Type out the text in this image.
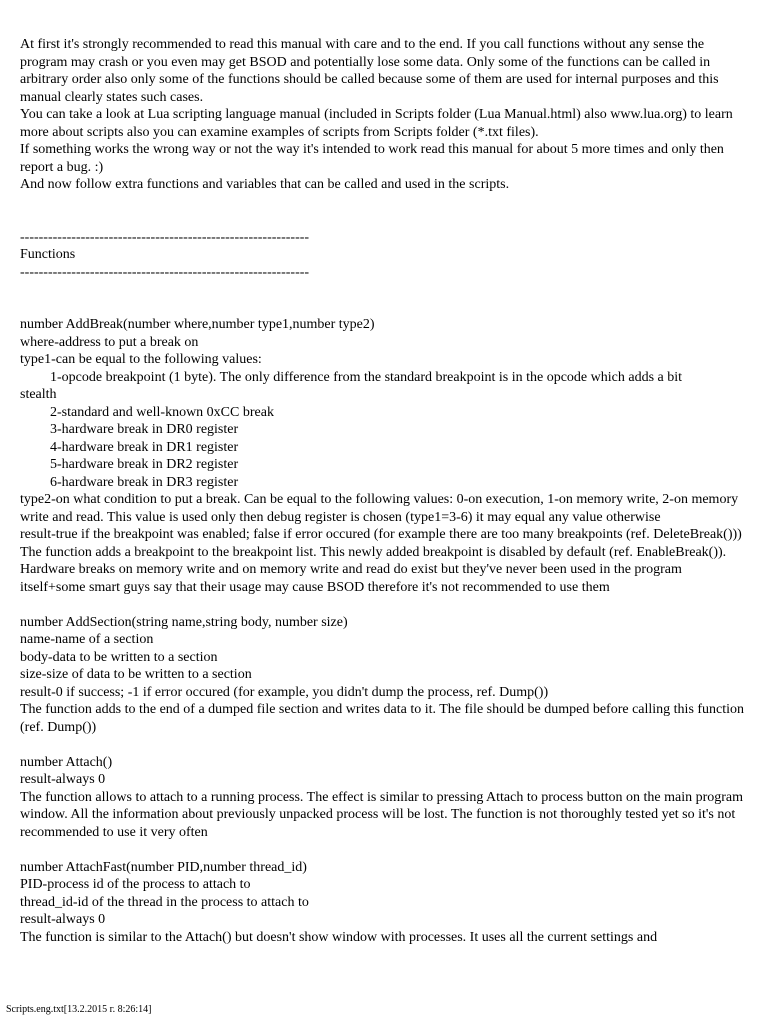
At first it's strongly recommended to read this manual with care and to the end. If you call functions without any sense the program may crash or you even may get BSOD and potentially lose some data. Only some of the functions can be called in arbitrary order also only some of the functions should be called because some of them are used for internal purposes and this manual clearly states such cases.

You can take a look at Lua scripting language manual (included in Scripts folder (Lua Manual.html) also www.lua.org) to learn more about scripts also you can examine examples of scripts from Scripts folder (*.txt files).

If something works the wrong way or not the way it's intended to work read this manual for about 5 more times and only then report a bug. :)

And now follow extra functions and variables that can be called and used in the scripts.

--------------------------------------------------------------

Functions

--------------------------------------------------------------

number AddBreak(number where,number type1,number type2)

where-address to put a break on

type1-can be equal to the following values:

1-opcode breakpoint (1 byte). The only difference from the standard breakpoint is in the opcode which adds a bit

stealth

2-standard and well-known 0xCC break

3-hardware break in DR0 register

4-hardware break in DR1 register

5-hardware break in DR2 register

6-hardware break in DR3 register

type2-on what condition to put a break. Can be equal to the following values: 0-on execution, 1-on memory write, 2-on memory write and read. This value is used only then debug register is chosen (type1=3-6) it may equal any value otherwise

result-true if the breakpoint was enabled; false if error occured (for example there are too many breakpoints (ref. DeleteBreak()))

The function adds a breakpoint to the breakpoint list. This newly added breakpoint is disabled by default (ref. EnableBreak()). Hardware breaks on memory write and on memory write and read do exist but they've never been used in the program itself+some smart guys say that their usage may cause BSOD therefore it's not recommended to use them

number AddSection(string name,string body, number size)

name-name of a section

body-data to be written to a section

size-size of data to be written to a section

result-0 if success; -1 if error occured (for example, you didn't dump the process, ref. Dump())

The function adds to the end of a dumped file section and writes data to it. The file should be dumped before calling this function (ref. Dump())

number Attach()

result-always 0

The function allows to attach to a running process. The effect is similar to pressing Attach to process button on the main program window. All the information about previously unpacked process will be lost. The function is not thoroughly tested yet so it's not recommended to use it very often

number AttachFast(number PID,number thread_id)

PID-process id of the process to attach to

thread_id-id of the thread in the process to attach to

result-always 0

The function is similar to the Attach() but doesn't show window with processes. It uses all the current settings and

Scripts.eng.txt[13.2.2015 г. 8:26:14]
